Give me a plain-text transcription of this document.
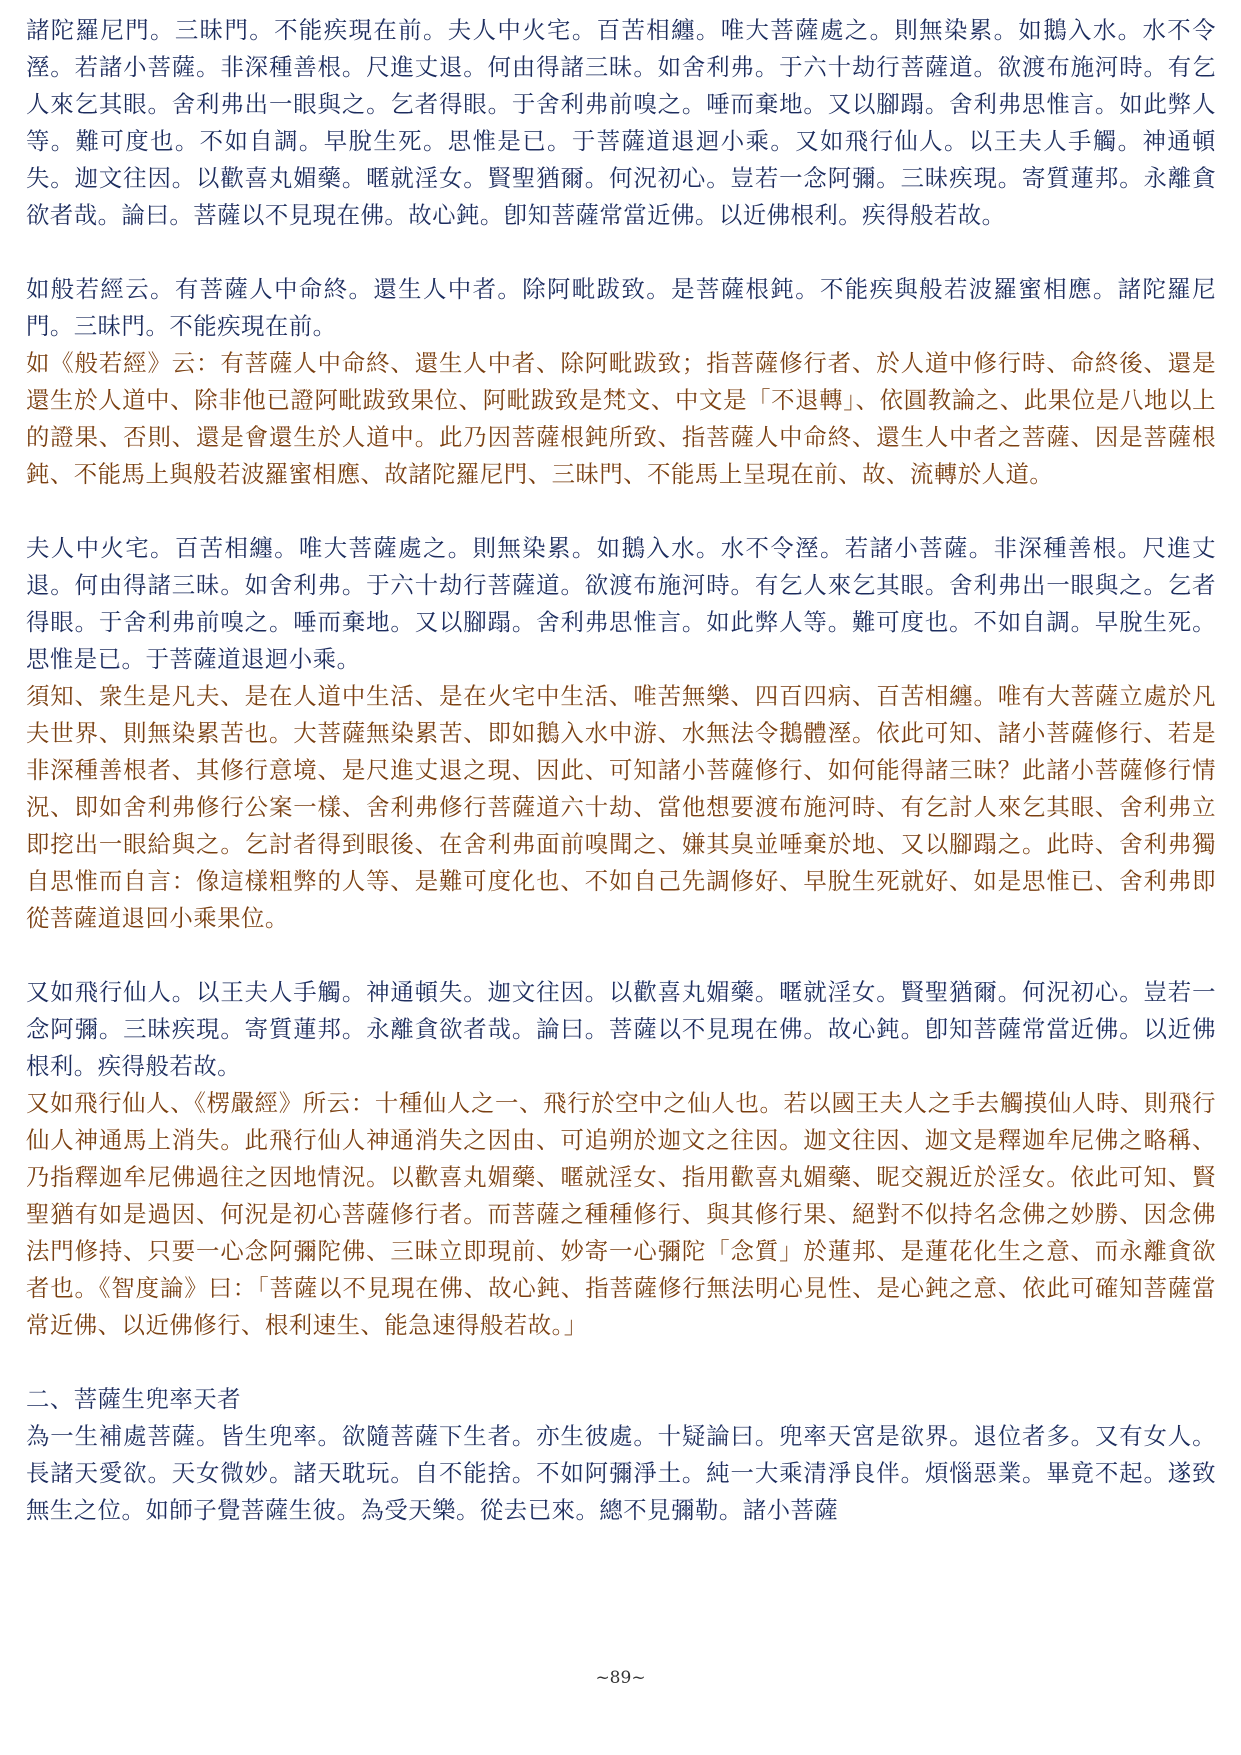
諸陀羅尼門。三昧門。不能疾現在前。夫人中火宅。百苦相纏。唯大菩薩處之。則無染累。如鵝入水。水不令溼。若諸小菩薩。非深種善根。尺進丈退。何由得諸三昧。如舍利弗。于六十劫行菩薩道。欲渡布施河時。有乞人來乞其眼。舍利弗出一眼與之。乞者得眼。于舍利弗前嗅之。唾而棄地。又以腳蹋。舍利弗思惟言。如此弊人等。難可度也。不如自調。早脫生死。思惟是已。于菩薩道退迴小乘。又如飛行仙人。以王夫人手觸。神通頓失。迦文往因。以歡喜丸媚藥。暱就淫女。賢聖猶爾。何況初心。豈若一念阿彌。三昧疾現。寄質蓮邦。永離貪欲者哉。論曰。菩薩以不見現在佛。故心鈍。卽知菩薩常當近佛。以近佛根利。疾得般若故。

如般若經云。有菩薩人中命終。還生人中者。除阿毗跋致。是菩薩根鈍。不能疾與般若波羅蜜相應。諸陀羅尼門。三昧門。不能疾現在前。

如《般若經》云：有菩薩人中命終、還生人中者、除阿毗跋致；指菩薩修行者、於人道中修行時、命終後、還是還生於人道中、除非他已證阿毗跋致果位、阿毗跋致是梵文、中文是「不退轉」、依圓教論之、此果位是八地以上的證果、否則、還是會還生於人道中。此乃因菩薩根鈍所致、指菩薩人中命終、還生人中者之菩薩、因是菩薩根鈍、不能馬上與般若波羅蜜相應、故諸陀羅尼門、三昧門、不能馬上呈現在前、故、流轉於人道。

夫人中火宅。百苦相纏。唯大菩薩處之。則無染累。如鵝入水。水不令溼。若諸小菩薩。非深種善根。尺進丈退。何由得諸三昧。如舍利弗。于六十劫行菩薩道。欲渡布施河時。有乞人來乞其眼。舍利弗出一眼與之。乞者得眼。于舍利弗前嗅之。唾而棄地。又以腳蹋。舍利弗思惟言。如此弊人等。難可度也。不如自調。早脫生死。思惟是已。于菩薩道退迴小乘。

須知、衆生是凡夫、是在人道中生活、是在火宅中生活、唯苦無樂、四百四病、百苦相纏。唯有大菩薩立處於凡夫世界、則無染累苦也。大菩薩無染累苦、即如鵝入水中游、水無法令鵝體溼。依此可知、諸小菩薩修行、若是非深種善根者、其修行意境、是尺進丈退之現、因此、可知諸小菩薩修行、如何能得諸三昧？此諸小菩薩修行情況、即如舍利弗修行公案一樣、舍利弗修行菩薩道六十劫、當他想要渡布施河時、有乞討人來乞其眼、舍利弗立即挖出一眼給與之。乞討者得到眼後、在舍利弗面前嗅聞之、嫌其臭並唾棄於地、又以腳蹋之。此時、舍利弗獨自思惟而自言：像這樣粗弊的人等、是難可度化也、不如自己先調修好、早脫生死就好、如是思惟已、舍利弗即從菩薩道退回小乘果位。

又如飛行仙人。以王夫人手觸。神通頓失。迦文往因。以歡喜丸媚藥。暱就淫女。賢聖猶爾。何況初心。豈若一念阿彌。三昧疾現。寄質蓮邦。永離貪欲者哉。論曰。菩薩以不見現在佛。故心鈍。卽知菩薩常當近佛。以近佛根利。疾得般若故。

又如飛行仙人、《楞嚴經》所云：十種仙人之一、飛行於空中之仙人也。若以國王夫人之手去觸摸仙人時、則飛行仙人神通馬上消失。此飛行仙人神通消失之因由、可追朔於迦文之往因。迦文往因、迦文是釋迦牟尼佛之略稱、乃指釋迦牟尼佛過往之因地情況。以歡喜丸媚藥、暱就淫女、指用歡喜丸媚藥、昵交親近於淫女。依此可知、賢聖猶有如是過因、何況是初心菩薩修行者。而菩薩之種種修行、與其修行果、絕對不似持名念佛之妙勝、因念佛法門修持、只要一心念阿彌陀佛、三昧立即現前、妙寄一心彌陀「念質」於蓮邦、是蓮花化生之意、而永離貪欲者也。《智度論》曰：「菩薩以不見現在佛、故心鈍、指菩薩修行無法明心見性、是心鈍之意、依此可確知菩薩當常近佛、以近佛修行、根利速生、能急速得般若故。」

二、菩薩生兜率天者

為一生補處菩薩。皆生兜率。欲隨菩薩下生者。亦生彼處。十疑論曰。兜率天宮是欲界。退位者多。又有女人。長諸天愛欲。天女微妙。諸天耽玩。自不能捨。不如阿彌淨土。純一大乘清淨良伴。煩惱惡業。畢竟不起。遂致無生之位。如師子覺菩薩生彼。為受天樂。從去已來。總不見彌勒。諸小菩薩

~89~
